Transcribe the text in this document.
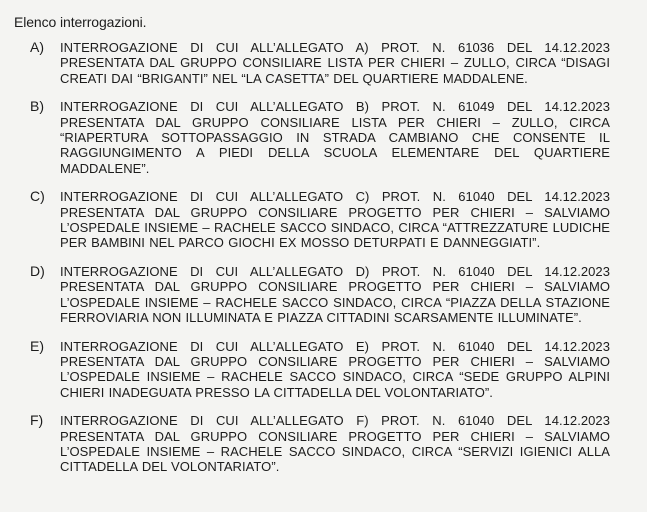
Elenco interrogazioni.
A)	INTERROGAZIONE DI CUI ALL’ALLEGATO A) PROT. N. 61036 DEL 14.12.2023 PRESENTATA DAL GRUPPO CONSILIARE LISTA PER CHIERI – ZULLO, CIRCA “DISAGI CREATI DAI “BRIGANTI” NEL “LA CASETTA” DEL QUARTIERE MADDALENE.
B)	INTERROGAZIONE DI CUI ALL’ALLEGATO B) PROT. N. 61049 DEL 14.12.2023 PRESENTATA DAL GRUPPO CONSILIARE LISTA PER CHIERI – ZULLO, CIRCA “RIAPERTURA SOTTOPASSAGGIO IN STRADA CAMBIANO CHE CONSENTE IL RAGGIUNGIMENTO A PIEDI DELLA SCUOLA ELEMENTARE DEL QUARTIERE MADDALENE”.
C)	INTERROGAZIONE DI CUI ALL’ALLEGATO C) PROT. N. 61040 DEL 14.12.2023 PRESENTATA DAL GRUPPO CONSILIARE PROGETTO PER CHIERI – SALVIAMO L’OSPEDALE INSIEME – RACHELE SACCO SINDACO, CIRCA “ATTREZZATURE LUDICHE PER BAMBINI NEL PARCO GIOCHI EX MOSSO DETURPATI E DANNEGGIATI”.
D)	INTERROGAZIONE DI CUI ALL’ALLEGATO D) PROT. N. 61040 DEL 14.12.2023 PRESENTATA DAL GRUPPO CONSILIARE PROGETTO PER CHIERI – SALVIAMO L’OSPEDALE INSIEME – RACHELE SACCO SINDACO, CIRCA “PIAZZA DELLA STAZIONE FERROVIARIA NON ILLUMINATA E PIAZZA CITTADINI SCARSAMENTE ILLUMINATE”.
E)	INTERROGAZIONE DI CUI ALL’ALLEGATO E) PROT. N. 61040 DEL 14.12.2023 PRESENTATA DAL GRUPPO CONSILIARE PROGETTO PER CHIERI – SALVIAMO L’OSPEDALE INSIEME – RACHELE SACCO SINDACO, CIRCA “SEDE GRUPPO ALPINI CHIERI INADEGUATA PRESSO LA CITTADELLA DEL VOLONTARIATO”.
F)	INTERROGAZIONE DI CUI ALL’ALLEGATO F) PROT. N. 61040 DEL 14.12.2023 PRESENTATA DAL GRUPPO CONSILIARE PROGETTO PER CHIERI – SALVIAMO L’OSPEDALE INSIEME – RACHELE SACCO SINDACO, CIRCA “SERVIZI IGIENICI ALLA CITTADELLA DEL VOLONTARIATO”.
